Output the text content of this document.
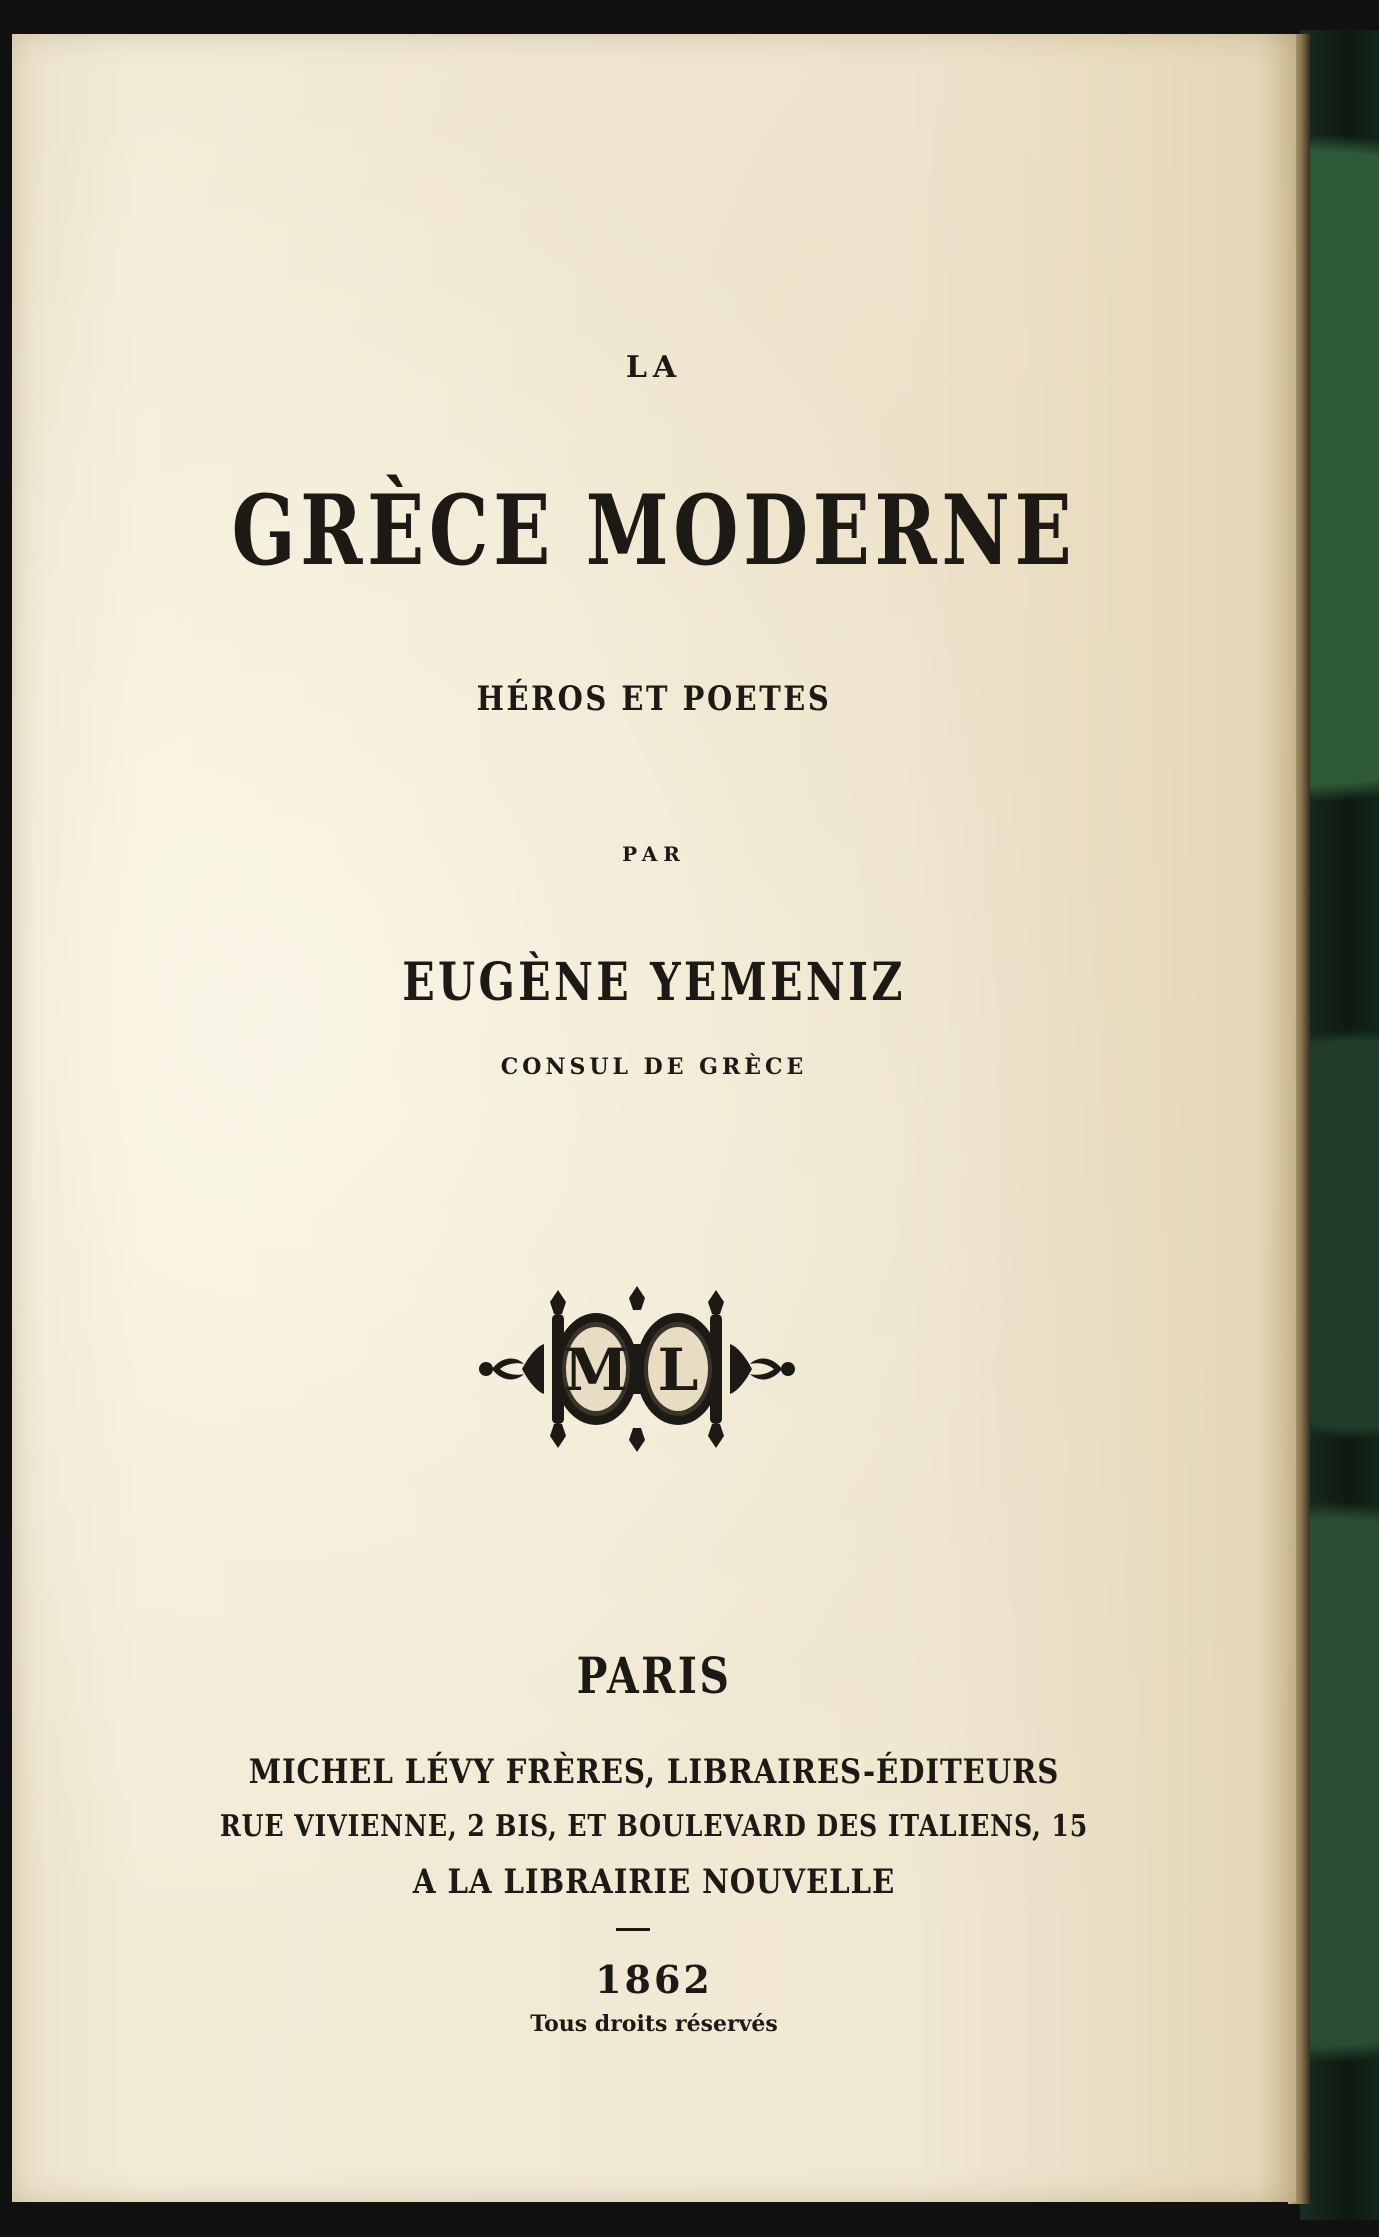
LA
GRÈCE MODERNE
HÉROS ET POETES
PAR
EUGÈNE YEMENIZ
CONSUL DE GRÈCE
M L
PARIS
MICHEL LÉVY FRÈRES, LIBRAIRES-ÉDITEURS
RUE VIVIENNE, 2 BIS, ET BOULEVARD DES ITALIENS, 15
A LA LIBRAIRIE NOUVELLE
1862
Tous droits réservés
